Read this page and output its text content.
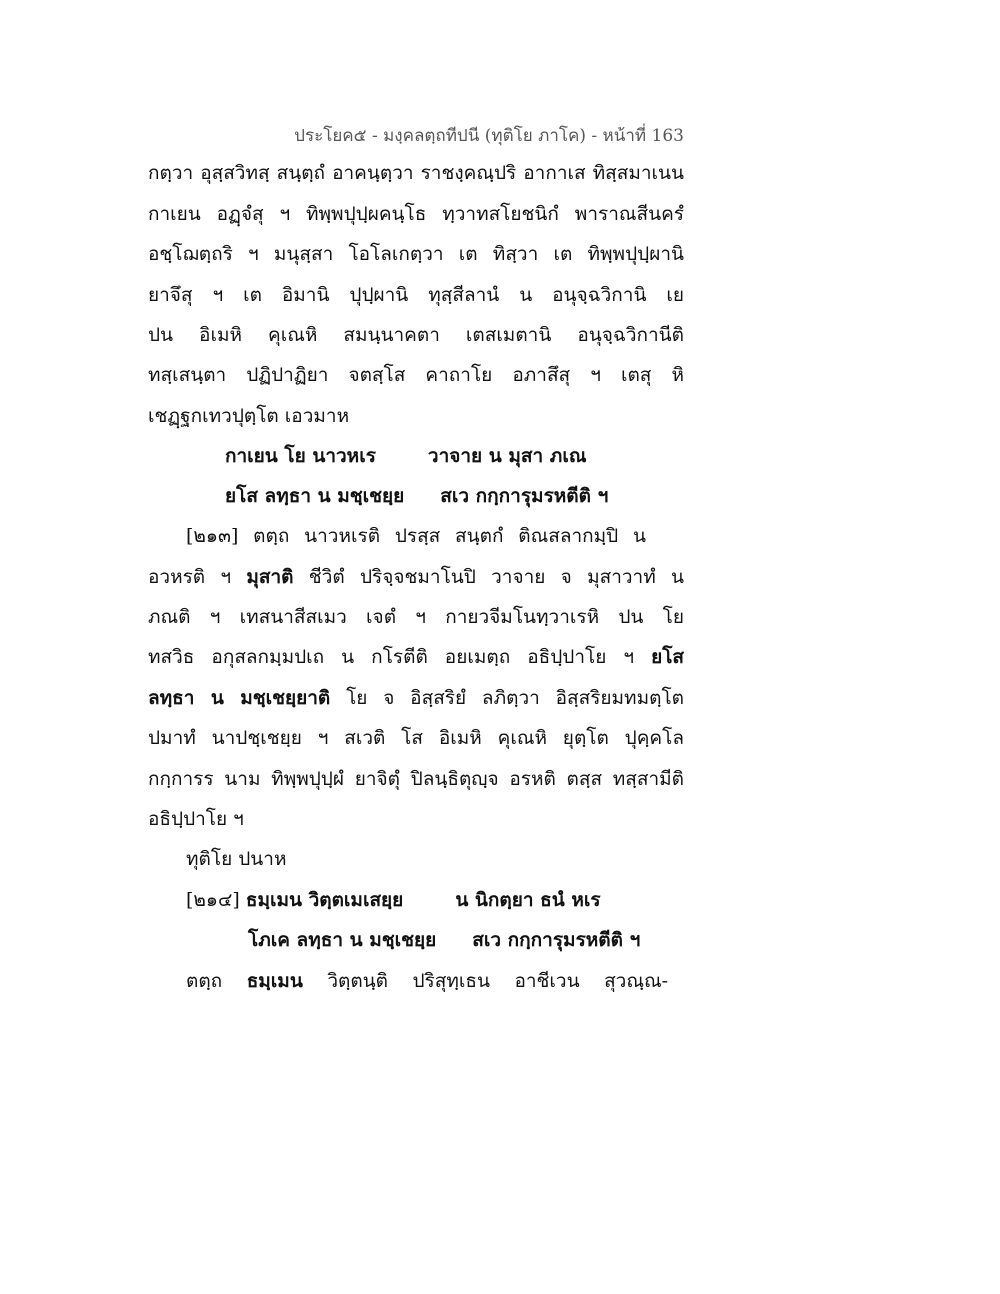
ประโยค๕ - มงฺคลตฺถทีปนี (ทุติโย ภาโค) - หน้าที่ 163
กตฺวา อุสฺสวิทสฺ สนฺตฺถํ อาคนฺตฺวา ราชงฺคณฺปริ อากาเส ทิสฺสมาเนน
กาเยน อฏฺจํสุ ฯ ทิพฺพปุปฺผคนฺโธ ทฺวาทสโยชนิกํ พาราณสีนครํ
อชฺโฌตฺถริ ฯ มนุสฺสา โอโลเกตฺวา เต ทิสฺวา เต ทิพฺพปุปฺผานิ
ยาจึสุ ฯ เต อิมานิ ปุปฺผานิ ทุสฺสีลานํ น อนุจฺฉวิกานิ เย
ปน อิเมหิ คุเณหิ สมนฺนาคตา เตสเมตานิ อนุจฺฉวิกานีติ
ทสฺเสนฺตา ปฏิปาฏิยา จตสฺโส คาถาโย อภาสึสุ ฯ เตสุ หิ
เชฏฺฐกเทวปุตฺโต เอวมาห
กาเยน โย นาวหเร	วาจาย น มุสา ภเณ
ยโส ลทฺธา น มชฺเชยฺย สเว กกฺการุมรหตีติ ฯ
[๒๑๓] ตตฺถ นาวหเรติ ปรสฺส สนฺตกํ ติณสลากมฺปิ น
อวหรติ ฯ มุสาติ ชีวิตํ ปริจฺจชมาโนปิ วาจาย จ มุสาวาทํ น
ภณติ ฯ เทสนาสีสเมว เจตํ ฯ กายวจีมโนทฺวาเรหิ ปน โย
ทสวิธ อกุสลกมฺมปเถ น กโรตีติ อยเมตฺถ อธิปฺปาโย ฯ ยโส
ลทฺธา น มชฺเชยฺยาติ โย จ อิสฺสริยํ ลภิตฺวา อิสฺสริยมทมตฺโต
ปมาทํ นาปชฺเชยฺย ฯ สเวติ โส อิเมหิ คุเณหิ ยุตฺโต ปุคฺคโล
กกฺการร นาม ทิพฺพปุปฺผํ ยาจิตุํ ปิลนฺธิตุญฺจ อรหติ ตสฺส ทสฺสามีติ
อธิปฺปาโย ฯ
ทุติโย ปนาห
[๒๑๔] ธมฺเมน วิตฺตเมเสยฺย	น นิกตฺยา ธนํ หเร
โภเค ลทฺธา น มชฺเชยฺย สเว กกฺการุมรหตีติ ฯ
ตตฺถ ธมฺเมน วิตฺตนฺติ ปริสุทฺเธน อาชีเวน สุวณฺณ-
